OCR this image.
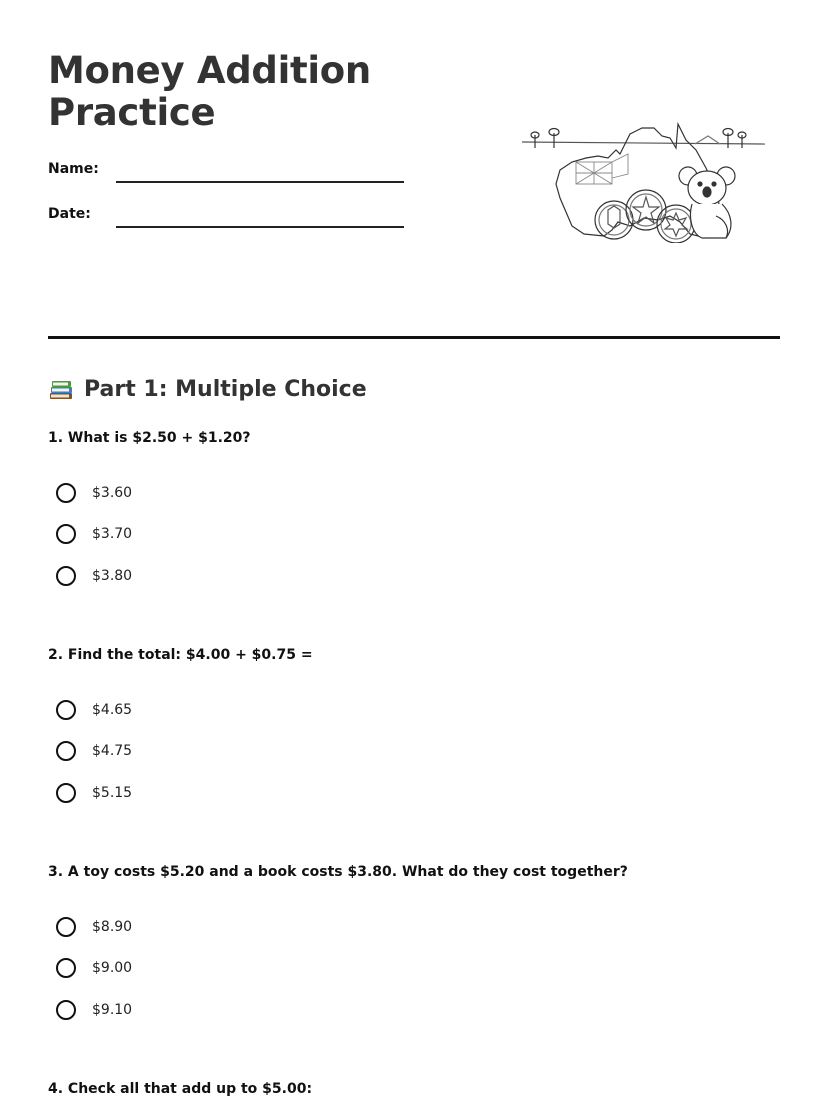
Money Addition Practice
Name:
Date:
Part 1: Multiple Choice
1. What is $2.50 + $1.20?
$3.60
$3.70
$3.80
2. Find the total: $4.00 + $0.75 =
$4.65
$4.75
$5.15
3. A toy costs $5.20 and a book costs $3.80. What do they cost together?
$8.90
$9.00
$9.10
4. Check all that add up to $5.00:
